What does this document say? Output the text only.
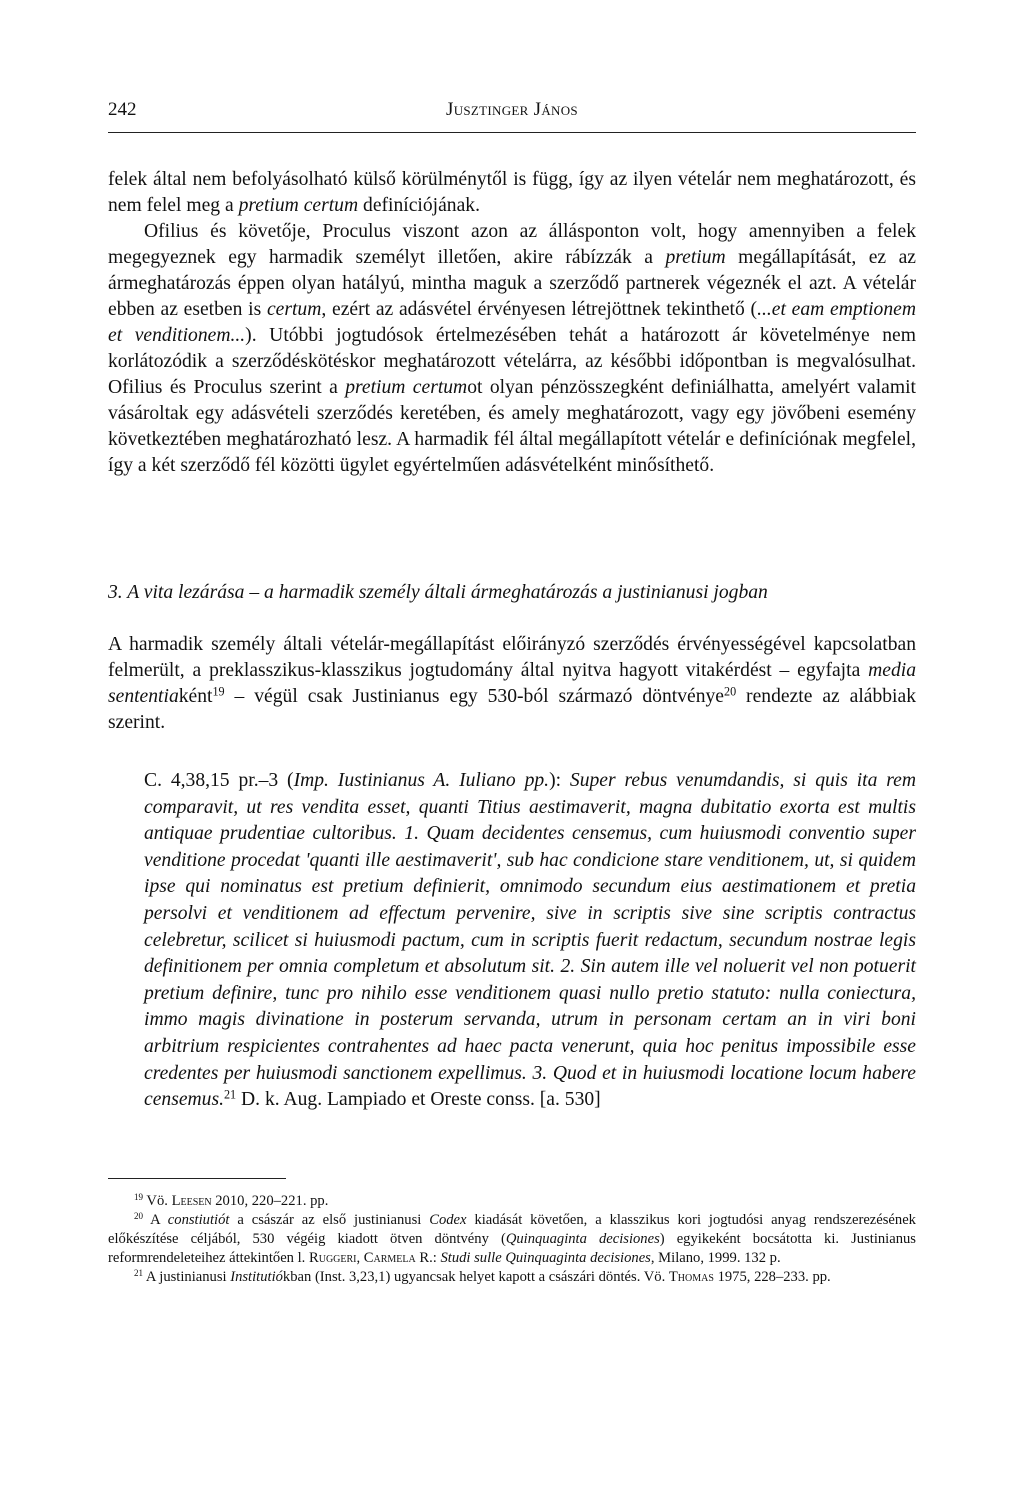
242	Jusztinger János

felek által nem befolyásolható külső körülménytől is függ, így az ilyen vételár nem meghatározott, és nem felel meg a pretium certum definíciójának.

Ofilius és követője, Proculus viszont azon az állásponton volt, hogy amennyiben a felek megegyeznek egy harmadik személyt illetően, akire rábízzák a pretium megállapítását, ez az ármeghatározás éppen olyan hatályú, mintha maguk a szerződő partnerek végeznék el azt. A vételár ebben az esetben is certum, ezért az adásvétel érvényesen létrejöttnek tekinthető (...et eam emptionem et venditionem...). Utóbbi jogtudósok értelmezésében tehát a határozott ár követelménye nem korlátozódik a szerződéskötéskor meghatározott vételárra, az későbbi időpontban is megvalósulhat. Ofilius és Proculus szerint a pretium certumot olyan pénzösszegként definiálhatta, amelyért valamit vásároltak egy adásvételi szerződés keretében, és amely meghatározott, vagy egy jövőbeni esemény következtében meghatározható lesz. A harmadik fél által megállapított vételár e definíciónak megfelel, így a két szerződő fél közötti ügylet egyértelműen adásvételként minősíthető.

3. A vita lezárása – a harmadik személy általi ármeghatározás a justinianusi jogban

A harmadik személy általi vételár-megállapítást előirányzó szerződés érvényességével kapcsolatban felmerült, a preklasszikus-klasszikus jogtudomány által nyitva hagyott vitakérdést – egyfajta media sententiaként$^{19}$ – végül csak Justinianus egy 530-ból származó döntvénye$^{20}$ rendezte az alábbiak szerint.

C. 4,38,15 pr.–3 (Imp. Iustinianus A. Iuliano pp.): Super rebus venumdandis, si quis ita rem comparavit, ut res vendita esset, quanti Titius aestimaverit, magna dubitatio exorta est multis antiquae prudentiae cultoribus. 1. Quam decidentes censemus, cum huiusmodi conventio super venditione procedat 'quanti ille aestimaverit', sub hac condicione stare venditionem, ut, si quidem ipse qui nominatus est pretium definierit, omnimodo secundum eius aestimationem et pretia persolvi et venditionem ad effectum pervenire, sive in scriptis sive sine scriptis contractus celebretur, scilicet si huiusmodi pactum, cum in scriptis fuerit redactum, secundum nostrae legis definitionem per omnia completum et absolutum sit. 2. Sin autem ille vel noluerit vel non potuerit pretium definire, tunc pro nihilo esse venditionem quasi nullo pretio statuto: nulla coniectura, immo magis divinatione in posterum servanda, utrum in personam certam an in viri boni arbitrium respicientes contrahentes ad haec pacta venerunt, quia hoc penitus impossibile esse credentes per huiusmodi sanctionem expellimus. 3. Quod et in huiusmodi locatione locum habere censemus.$^{21}$ D. k. Aug. Lampiado et Oreste conss. [a. 530]

$^{19}$ Vö. Leesen 2010, 220–221. pp.

$^{20}$ A constiutiót a császár az első justinianusi Codex kiadását követően, a klasszikus kori jogtudósi anyag rendszerezésének előkészítése céljából, 530 végéig kiadott ötven döntvény (Quinquaginta decisiones) egyikeként bocsátotta ki. Justinianus reformrendeleteihez áttekintően l. Ruggeri, Carmela R.: Studi sulle Quinquaginta decisiones, Milano, 1999. 132 p.

$^{21}$ A justinianusi Institutiókban (Inst. 3,23,1) ugyancsak helyet kapott a császári döntés. Vö. Thomas 1975, 228–233. pp.
